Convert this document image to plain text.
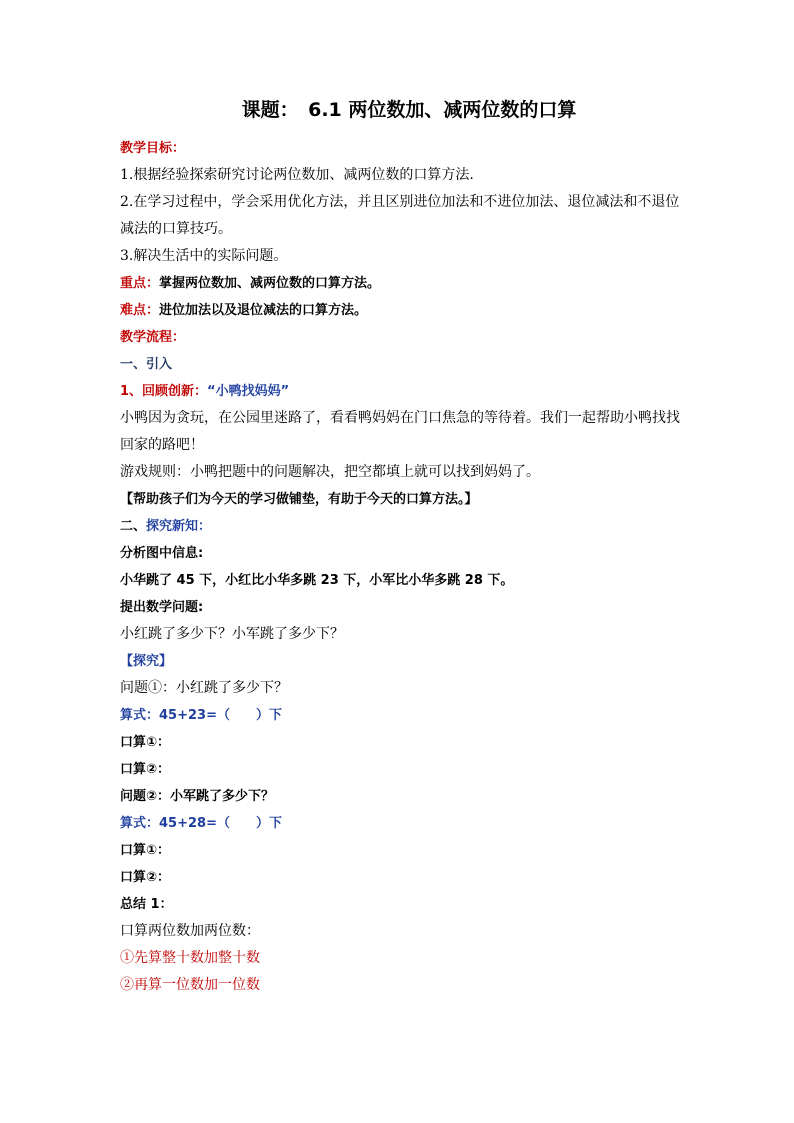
课题：　6.1 两位数加、减两位数的口算
教学目标：
1.根据经验探索研究讨论两位数加、减两位数的口算方法.
2.在学习过程中，学会采用优化方法，并且区别进位加法和不进位加法、退位减法和不退位减法的口算技巧。
3.解决生活中的实际问题。
重点：掌握两位数加、减两位数的口算方法。
难点：进位加法以及退位减法的口算方法。
教学流程：
一、引入
1、回顾创新：“小鸭找妈妈”
小鸭因为贪玩，在公园里迷路了，看看鸭妈妈在门口焦急的等待着。我们一起帮助小鸭找找回家的路吧！
游戏规则：小鸭把题中的问题解决，把空都填上就可以找到妈妈了。
【帮助孩子们为今天的学习做铺垫，有助于今天的口算方法。】
二、探究新知：
分析图中信息:
小华跳了 45 下，小红比小华多跳 23 下，小军比小华多跳 28 下。
提出数学问题:
小红跳了多少下？小军跳了多少下？
【探究】
问题①：小红跳了多少下？
算式：45+23=（　　）下
口算①：
口算②：
问题②：小军跳了多少下？
算式：45+28=（　　）下
口算①：
口算②：
总结 1：
口算两位数加两位数：
①先算整十数加整十数
②再算一位数加一位数
